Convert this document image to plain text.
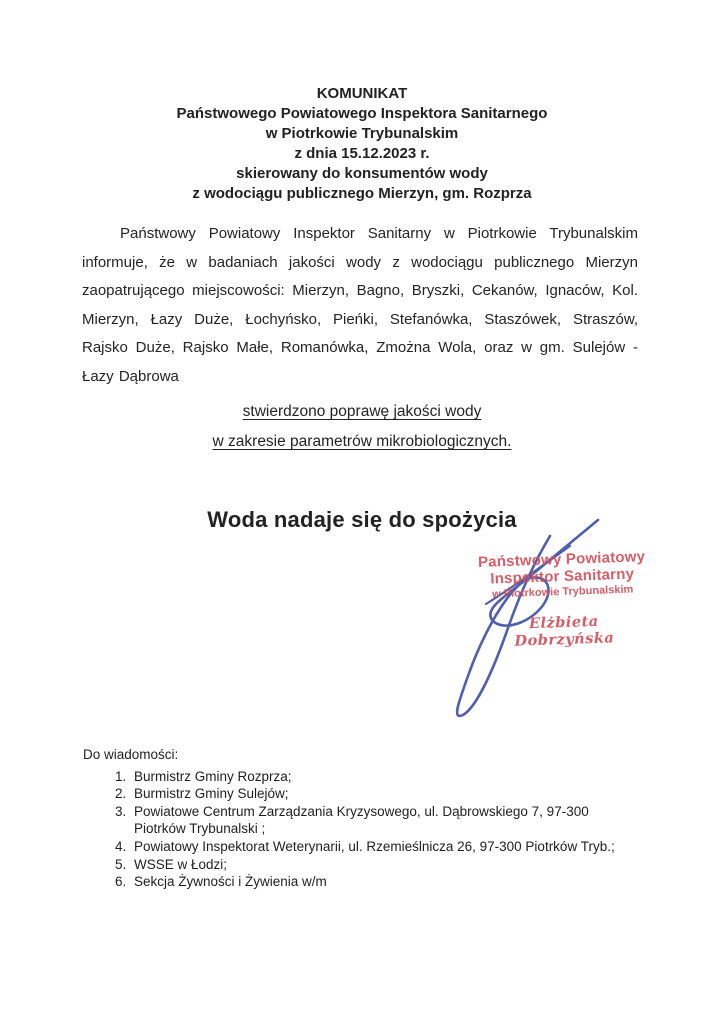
KOMUNIKAT
Państwowego Powiatowego Inspektora Sanitarnego
w Piotrkowie Trybunalskim
z dnia 15.12.2023 r.
skierowany do konsumentów wody
z wodociągu publicznego Mierzyn, gm. Rozprza

Państwowy Powiatowy Inspektor Sanitarny w Piotrkowie Trybunalskim informuje, że w badaniach jakości wody z wodociągu publicznego Mierzyn zaopatrującego miejscowości: Mierzyn, Bagno, Bryszki, Cekanów, Ignaców, Kol. Mierzyn, Łazy Duże, Łochyńsko, Pieńki, Stefanówka, Staszówek, Straszów, Rajsko Duże, Rajsko Małe, Romanówka, Zmożna Wola, oraz w gm. Sulejów - Łazy Dąbrowa

stwierdzono poprawę jakości wody
w zakresie parametrów mikrobiologicznych.
Woda nadaje się do spożycia
Państwowy Powiatowy
Inspektor Sanitarny
w Piotrkowie Trybunalskim
Elżbieta Dobrzyńska
Do wiadomości:
1. Burmistrz Gminy Rozprza;
2. Burmistrz Gminy Sulejów;
3. Powiatowe Centrum Zarządzania Kryzysowego, ul. Dąbrowskiego 7, 97-300 Piotrków Trybunalski ;
4. Powiatowy Inspektorat Weterynarii, ul. Rzemieślnicza 26, 97-300 Piotrków Tryb.;
5. WSSE w Łodzi;
6. Sekcja Żywności i Żywienia w/m
